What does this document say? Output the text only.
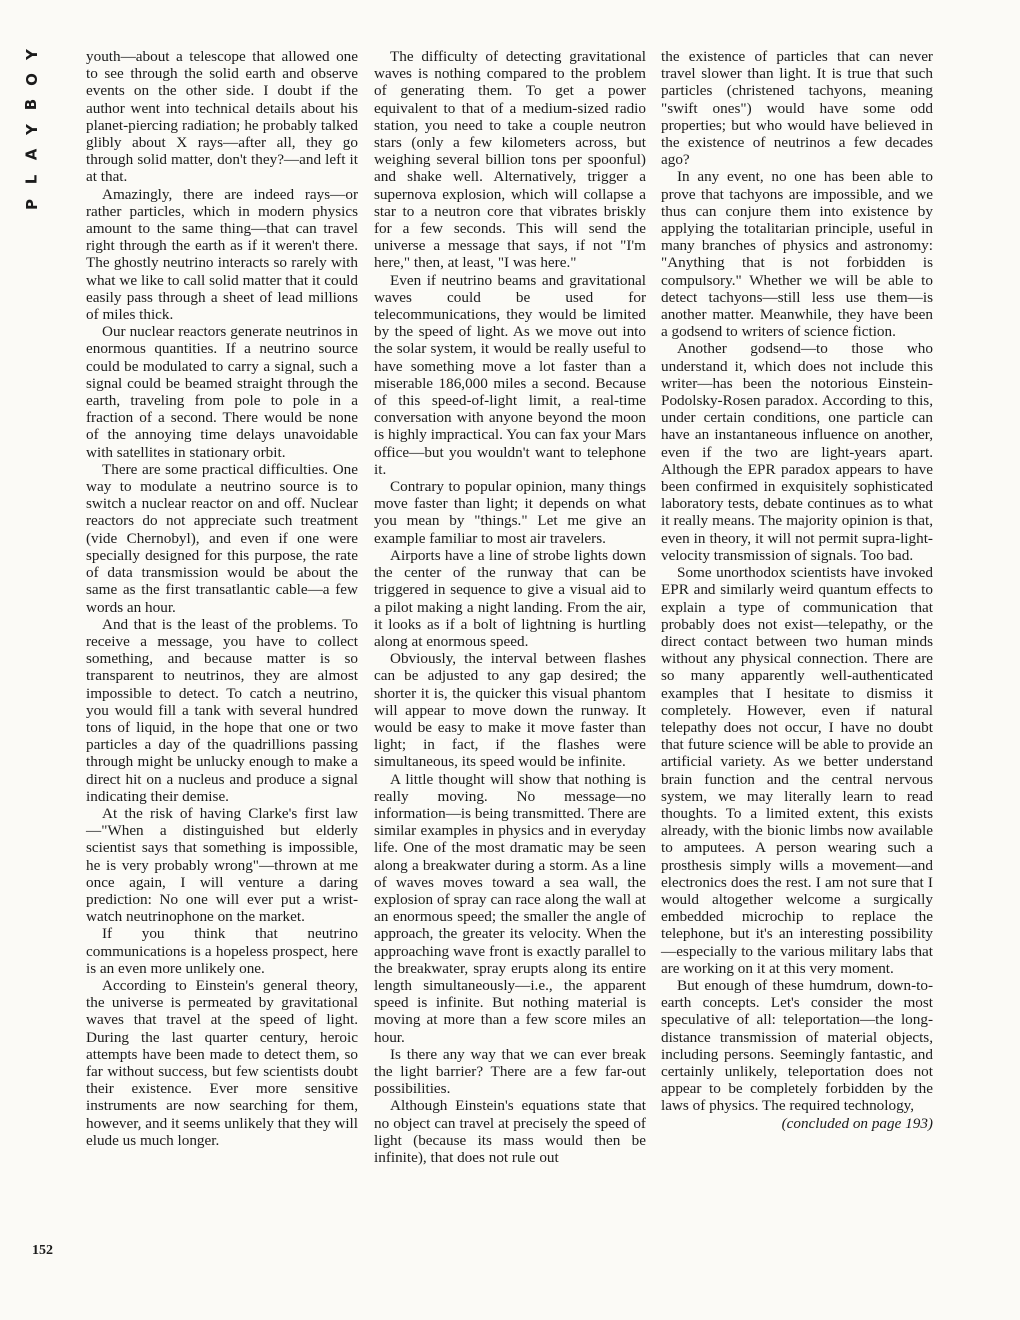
Y
O
B
Y
A
L
P
152

youth—about a telescope that allowed one to see through the solid earth and observe events on the other side. I doubt if the author went into technical details about his planet-piercing radiation; he probably talked glibly about X rays—after all, they go through solid matter, don't they?—and left it at that.

Amazingly, there are indeed rays—or rather particles, which in modern physics amount to the same thing—that can travel right through the earth as if it weren't there. The ghostly neutrino interacts so rarely with what we like to call solid matter that it could easily pass through a sheet of lead millions of miles thick.

Our nuclear reactors generate neutrinos in enormous quantities. If a neutrino source could be modulated to carry a signal, such a signal could be beamed straight through the earth, traveling from pole to pole in a fraction of a second. There would be none of the annoying time delays unavoidable with satellites in stationary orbit.

There are some practical difficulties. One way to modulate a neutrino source is to switch a nuclear reactor on and off. Nuclear reactors do not appreciate such treatment (vide Chernobyl), and even if one were specially designed for this purpose, the rate of data transmission would be about the same as the first transatlantic cable—a few words an hour.

And that is the least of the problems. To receive a message, you have to collect something, and because matter is so transparent to neutrinos, they are almost impossible to detect. To catch a neutrino, you would fill a tank with several hundred tons of liquid, in the hope that one or two particles a day of the quadrillions passing through might be unlucky enough to make a direct hit on a nucleus and produce a signal indicating their demise.

At the risk of having Clarke's first law—"When a distinguished but elderly scientist says that something is impossible, he is very probably wrong"—thrown at me once again, I will venture a daring prediction: No one will ever put a wrist-watch neutrinophone on the market.

If you think that neutrino communications is a hopeless prospect, here is an even more unlikely one.

According to Einstein's general theory, the universe is permeated by gravitational waves that travel at the speed of light. During the last quarter century, heroic attempts have been made to detect them, so far without success, but few scientists doubt their existence. Ever more sensitive instruments are now searching for them, however, and it seems unlikely that they will elude us much longer.

The difficulty of detecting gravitational waves is nothing compared to the problem of generating them. To get a power equivalent to that of a medium-sized radio station, you need to take a couple neutron stars (only a few kilometers across, but weighing several billion tons per spoonful) and shake well. Alternatively, trigger a supernova explosion, which will collapse a star to a neutron core that vibrates briskly for a few seconds. This will send the universe a message that says, if not "I'm here," then, at least, "I was here."

Even if neutrino beams and gravitational waves could be used for telecommunications, they would be limited by the speed of light. As we move out into the solar system, it would be really useful to have something move a lot faster than a miserable 186,000 miles a second. Because of this speed-of-light limit, a real-time conversation with anyone beyond the moon is highly impractical. You can fax your Mars office—but you wouldn't want to telephone it.

Contrary to popular opinion, many things move faster than light; it depends on what you mean by "things." Let me give an example familiar to most air travelers.

Airports have a line of strobe lights down the center of the runway that can be triggered in sequence to give a visual aid to a pilot making a night landing. From the air, it looks as if a bolt of lightning is hurtling along at enormous speed.

Obviously, the interval between flashes can be adjusted to any gap desired; the shorter it is, the quicker this visual phantom will appear to move down the runway. It would be easy to make it move faster than light; in fact, if the flashes were simultaneous, its speed would be infinite.

A little thought will show that nothing is really moving. No message—no information—is being transmitted. There are similar examples in physics and in everyday life. One of the most dramatic may be seen along a breakwater during a storm. As a line of waves moves toward a sea wall, the explosion of spray can race along the wall at an enormous speed; the smaller the angle of approach, the greater its velocity. When the approaching wave front is exactly parallel to the breakwater, spray erupts along its entire length simultaneously—i.e., the apparent speed is infinite. But nothing material is moving at more than a few score miles an hour.

Is there any way that we can ever break the light barrier? There are a few far-out possibilities.

Although Einstein's equations state that no object can travel at precisely the speed of light (because its mass would then be infinite), that does not rule out

the existence of particles that can never travel slower than light. It is true that such particles (christened tachyons, meaning "swift ones") would have some odd properties; but who would have believed in the existence of neutrinos a few decades ago?

In any event, no one has been able to prove that tachyons are impossible, and we thus can conjure them into existence by applying the totalitarian principle, useful in many branches of physics and astronomy: "Anything that is not forbidden is compulsory." Whether we will be able to detect tachyons—still less use them—is another matter. Meanwhile, they have been a godsend to writers of science fiction.

Another godsend—to those who understand it, which does not include this writer—has been the notorious Einstein-Podolsky-Rosen paradox. According to this, under certain conditions, one particle can have an instantaneous influence on another, even if the two are light-years apart. Although the EPR paradox appears to have been confirmed in exquisitely sophisticated laboratory tests, debate continues as to what it really means. The majority opinion is that, even in theory, it will not permit supra-light-velocity transmission of signals. Too bad.

Some unorthodox scientists have invoked EPR and similarly weird quantum effects to explain a type of communication that probably does not exist—telepathy, or the direct contact between two human minds without any physical connection. There are so many apparently well-authenticated examples that I hesitate to dismiss it completely. However, even if natural telepathy does not occur, I have no doubt that future science will be able to provide an artificial variety. As we better understand brain function and the central nervous system, we may literally learn to read thoughts. To a limited extent, this exists already, with the bionic limbs now available to amputees. A person wearing such a prosthesis simply wills a movement—and electronics does the rest. I am not sure that I would altogether welcome a surgically embedded microchip to replace the telephone, but it's an interesting possibility—especially to the various military labs that are working on it at this very moment.

But enough of these humdrum, down-to-earth concepts. Let's consider the most speculative of all: teleportation—the long-distance transmission of material objects, including persons. Seemingly fantastic, and certainly unlikely, teleportation does not appear to be completely forbidden by the laws of physics. The required technology,

(concluded on page 193)
